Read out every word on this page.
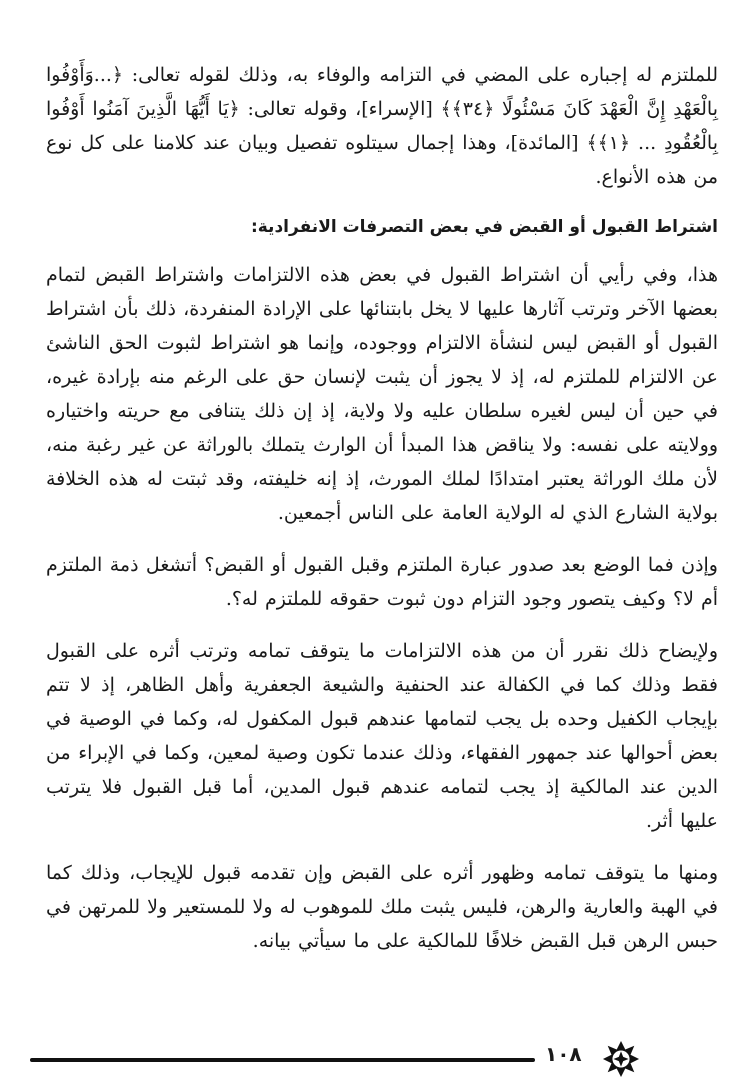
للملتزم له إجباره على المضي في التزامه والوفاء به، وذلك لقوله تعالى: ﴿...وَأَوْفُوا بِالْعَهْدِ إِنَّ الْعَهْدَ كَانَ مَسْئُولًا ﴿٣٤﴾﴾ [الإسراء]، وقوله تعالى: ﴿يَا أَيُّهَا الَّذِينَ آمَنُوا أَوْفُوا بِالْعُقُودِ ... ﴿١﴾﴾ [المائدة]، وهذا إجمال سيتلوه تفصيل وبيان عند كلامنا على كل نوع من هذه الأنواع.

اشتراط القبول أو القبض في بعض التصرفات الانفرادية:

هذا، وفي رأيي أن اشتراط القبول في بعض هذه الالتزامات واشتراط القبض لتمام بعضها الآخر وترتب آثارها عليها لا يخل بابتنائها على الإرادة المنفردة، ذلك بأن اشتراط القبول أو القبض ليس لنشأة الالتزام ووجوده، وإنما هو اشتراط لثبوت الحق الناشئ عن الالتزام للملتزم له، إذ لا يجوز أن يثبت لإنسان حق على الرغم منه بإرادة غيره، في حين أن ليس لغيره سلطان عليه ولا ولاية، إذ إن ذلك يتنافى مع حريته واختياره وولايته على نفسه: ولا يناقض هذا المبدأ أن الوارث يتملك بالوراثة عن غير رغبة منه، لأن ملك الوراثة يعتبر امتدادًا لملك المورث، إذ إنه خليفته، وقد ثبتت له هذه الخلافة بولاية الشارع الذي له الولاية العامة على الناس أجمعين.

وإذن فما الوضع بعد صدور عبارة الملتزم وقبل القبول أو القبض؟ أتشغل ذمة الملتزم أم لا؟ وكيف يتصور وجود التزام دون ثبوت حقوقه للملتزم له؟.

ولإيضاح ذلك نقرر أن من هذه الالتزامات ما يتوقف تمامه وترتب أثره على القبول فقط وذلك كما في الكفالة عند الحنفية والشيعة الجعفرية وأهل الظاهر، إذ لا تتم بإيجاب الكفيل وحده بل يجب لتمامها عندهم قبول المكفول له، وكما في الوصية في بعض أحوالها عند جمهور الفقهاء، وذلك عندما تكون وصية لمعين، وكما في الإبراء من الدين عند المالكية إذ يجب لتمامه عندهم قبول المدين، أما قبل القبول فلا يترتب عليها أثر.

ومنها ما يتوقف تمامه وظهور أثره على القبض وإن تقدمه قبول للإيجاب، وذلك كما في الهبة والعارية والرهن، فليس يثبت ملك للموهوب له ولا للمستعير ولا للمرتهن في حبس الرهن قبل القبض خلافًا للمالكية على ما سيأتي بيانه.

١٠٨
